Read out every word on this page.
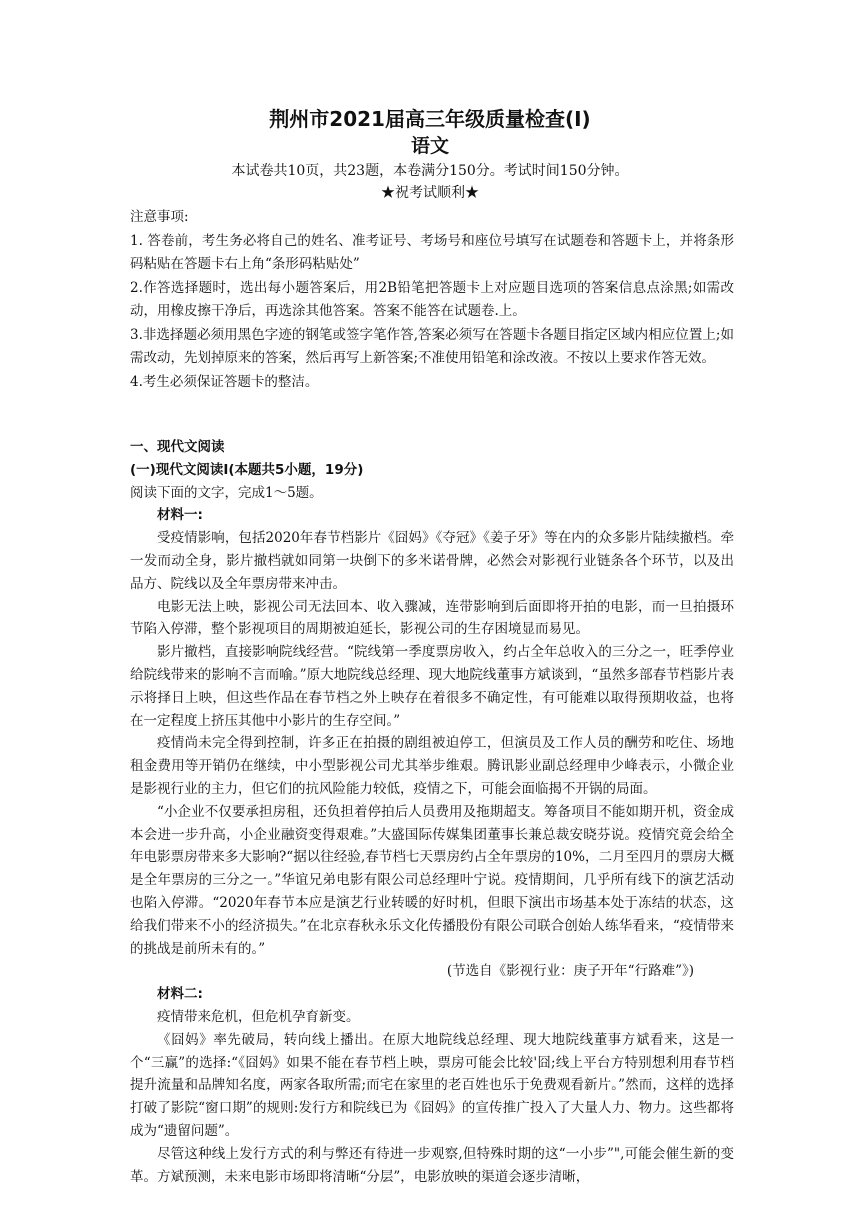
荆州市2021届高三年级质量检查(I)
语文
本试卷共10页，共23题，本卷满分150分。考试时间150分钟。
★祝考试顺利★

注意事项:

1. 答卷前，考生务必将自己的姓名、准考证号、考场号和座位号填写在试题卷和答题卡上，并将条形码粘贴在答题卡右上角“条形码粘贴处”

2.作答选择题时，选出每小题答案后，用2B铅笔把答题卡上对应题目选项的答案信息点涂黑;如需改动，用橡皮擦干净后，再选涂其他答案。答案不能答在试题卷.上。

3.非选择题必须用黑色字迹的钢笔或签字笔作答,答案必须写在答题卡各题目指定区域内相应位置上;如需改动，先划掉原来的答案，然后再写上新答案;不准使用铅笔和涂改液。不按以上要求作答无效。

4.考生必须保证答题卡的整洁。

一、现代文阅读

(一)现代文阅读Ⅰ(本题共5小题，19分)

阅读下面的文字，完成1～5题。

材料一:

受疫情影响，包括2020年春节档影片《囧妈》《夺冠》《姜子牙》等在内的众多影片陆续撤档。牵一发而动全身，影片撤档就如同第一块倒下的多米诺骨牌，必然会对影视行业链条各个环节，以及出品方、院线以及全年票房带来冲击。

电影无法上映，影视公司无法回本、收入骤减，连带影响到后面即将开拍的电影，而一旦拍摄环节陷入停滞，整个影视项目的周期被迫延长，影视公司的生存困境显而易见。

影片撤档，直接影响院线经营。“院线第一季度票房收入，约占全年总收入的三分之一，旺季停业给院线带来的影响不言而喻。”原大地院线总经理、现大地院线董事方斌谈到，“虽然多部春节档影片表示将择日上映，但这些作品在春节档之外上映存在着很多不确定性，有可能难以取得预期收益，也将在一定程度上挤压其他中小影片的生存空间。”

疫情尚未完全得到控制，许多正在拍摄的剧组被迫停工，但演员及工作人员的酬劳和吃住、场地租金费用等开销仍在继续，中小型影视公司尤其举步维艰。腾讯影业副总经理申少峰表示，小微企业是影视行业的主力，但它们的抗风险能力较低，疫情之下，可能会面临揭不开锅的局面。

“小企业不仅要承担房租，还负担着停拍后人员费用及拖期超支。筹备项目不能如期开机，资金成本会进一步升高，小企业融资变得艰难。”大盛国际传媒集团董事长兼总裁安晓芬说。疫情究竟会给全年电影票房带来多大影响?“据以往经验,春节档七天票房约占全年票房的10%，二月至四月的票房大概是全年票房的三分之一。”华谊兄弟电影有限公司总经理叶宁说。疫情期间，几乎所有线下的演艺活动也陷入停滞。“2020年春节本应是演艺行业转暖的好时机，但眼下演出市场基本处于冻结的状态，这给我们带来不小的经济损失。”在北京春秋永乐文化传播股份有限公司联合创始人练华看来，“疫情带来的挑战是前所未有的。”

(节选自《影视行业：庚子开年“行路难”》)

材料二:

疫情带来危机，但危机孕育新变。

《囧妈》率先破局，转向线上播出。在原大地院线总经理、现大地院线董事方斌看来，这是一个“三赢”的选择:“《囧妈》如果不能在春节档上映，票房可能会比较'囧;线上平台方特别想利用春节档提升流量和品牌知名度，两家各取所需;而宅在家里的老百姓也乐于免费观看新片。”然而，这样的选择打破了影院“窗口期”的规则:发行方和院线已为《囧妈》的宣传推广投入了大量人力、物力。这些都将成为“遗留问题”。

尽管这种线上发行方式的利与弊还有待进一步观察,但特殊时期的这“一小步”",可能会催生新的变革。方斌预测，未来电影市场即将清晰“分层”，电影放映的渠道会逐步清晰，
